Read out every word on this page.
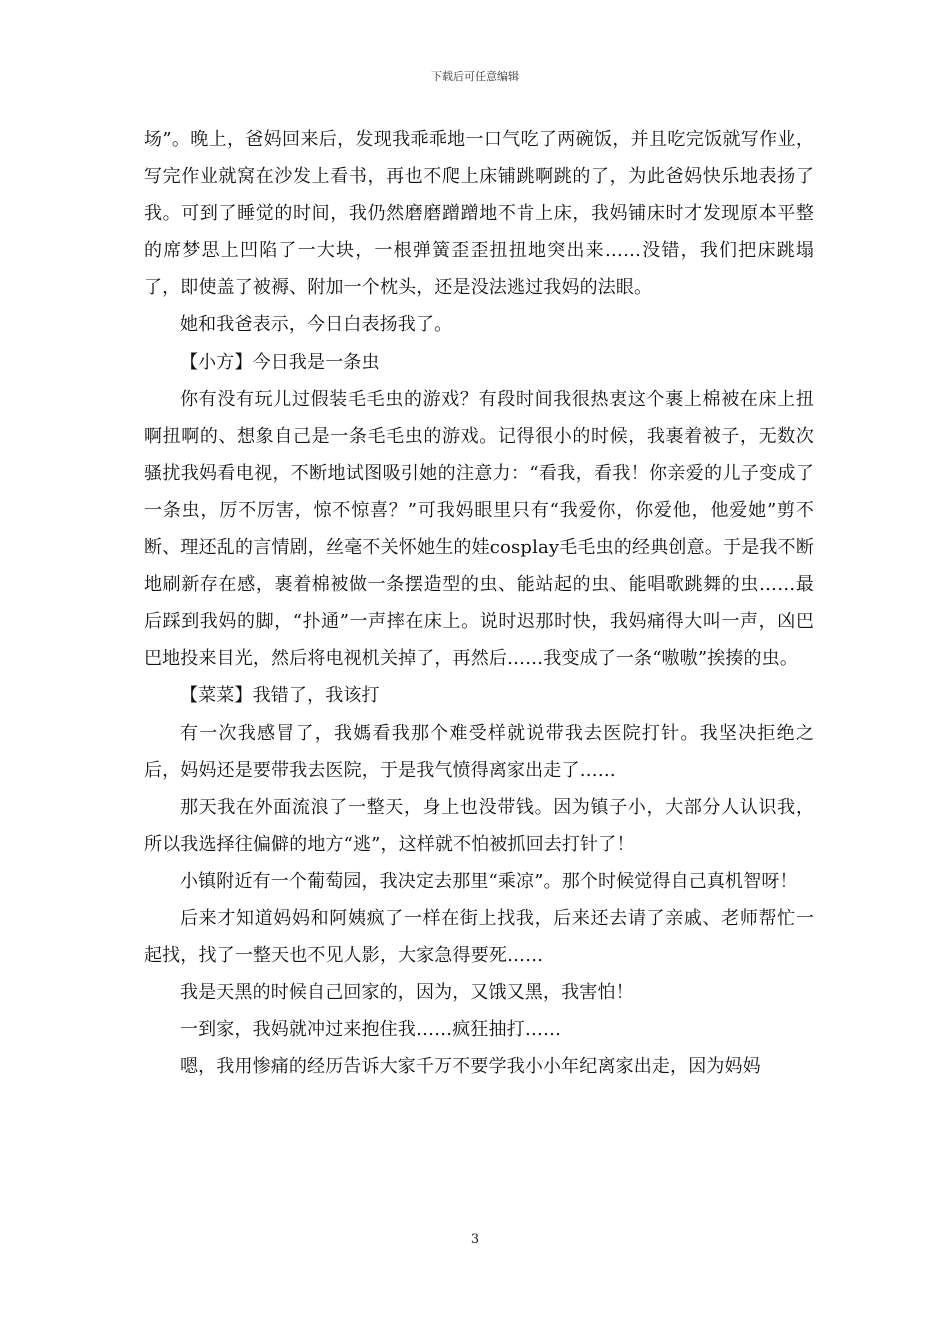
下载后可任意编辑

场”。晚上，爸妈回来后，发现我乖乖地一口气吃了两碗饭，并且吃完饭就写作业，写完作业就窝在沙发上看书，再也不爬上床铺跳啊跳的了，为此爸妈快乐地表扬了我。可到了睡觉的时间，我仍然磨磨蹭蹭地不肯上床，我妈铺床时才发现原本平整的席梦思上凹陷了一大块，一根弹簧歪歪扭扭地突出来……没错，我们把床跳塌了，即使盖了被褥、附加一个枕头，还是没法逃过我妈的法眼。

她和我爸表示，今日白表扬我了。

【小方】今日我是一条虫

你有没有玩儿过假装毛毛虫的游戏？有段时间我很热衷这个裹上棉被在床上扭啊扭啊的、想象自己是一条毛毛虫的游戏。记得很小的时候，我裹着被子，无数次骚扰我妈看电视，不断地试图吸引她的注意力：“看我，看我！你亲爱的儿子变成了一条虫，厉不厉害，惊不惊喜？”可我妈眼里只有“我爱你，你爱他，他爱她”剪不断、理还乱的言情剧，丝毫不关怀她生的娃cosplay毛毛虫的经典创意。于是我不断地刷新存在感，裹着棉被做一条摆造型的虫、能站起的虫、能唱歌跳舞的虫……最后踩到我妈的脚，“扑通”一声摔在床上。说时迟那时快，我妈痛得大叫一声，凶巴巴地投来目光，然后将电视机关掉了，再然后……我变成了一条“嗷嗷”挨揍的虫。

【菜菜】我错了，我该打

有一次我感冒了，我媽看我那个难受样就说带我去医院打针。我坚决拒绝之后，妈妈还是要带我去医院，于是我气愤得离家出走了……

那天我在外面流浪了一整天，身上也没带钱。因为镇子小，大部分人认识我，所以我选择往偏僻的地方“逃”，这样就不怕被抓回去打针了！

小镇附近有一个葡萄园，我决定去那里“乘凉”。那个时候觉得自己真机智呀！

后来才知道妈妈和阿姨疯了一样在街上找我，后来还去请了亲戚、老师帮忙一起找，找了一整天也不见人影，大家急得要死……

我是天黑的时候自己回家的，因为，又饿又黑，我害怕！

一到家，我妈就冲过来抱住我……疯狂抽打……

嗯，我用惨痛的经历告诉大家千万不要学我小小年纪离家出走，因为妈妈

3
